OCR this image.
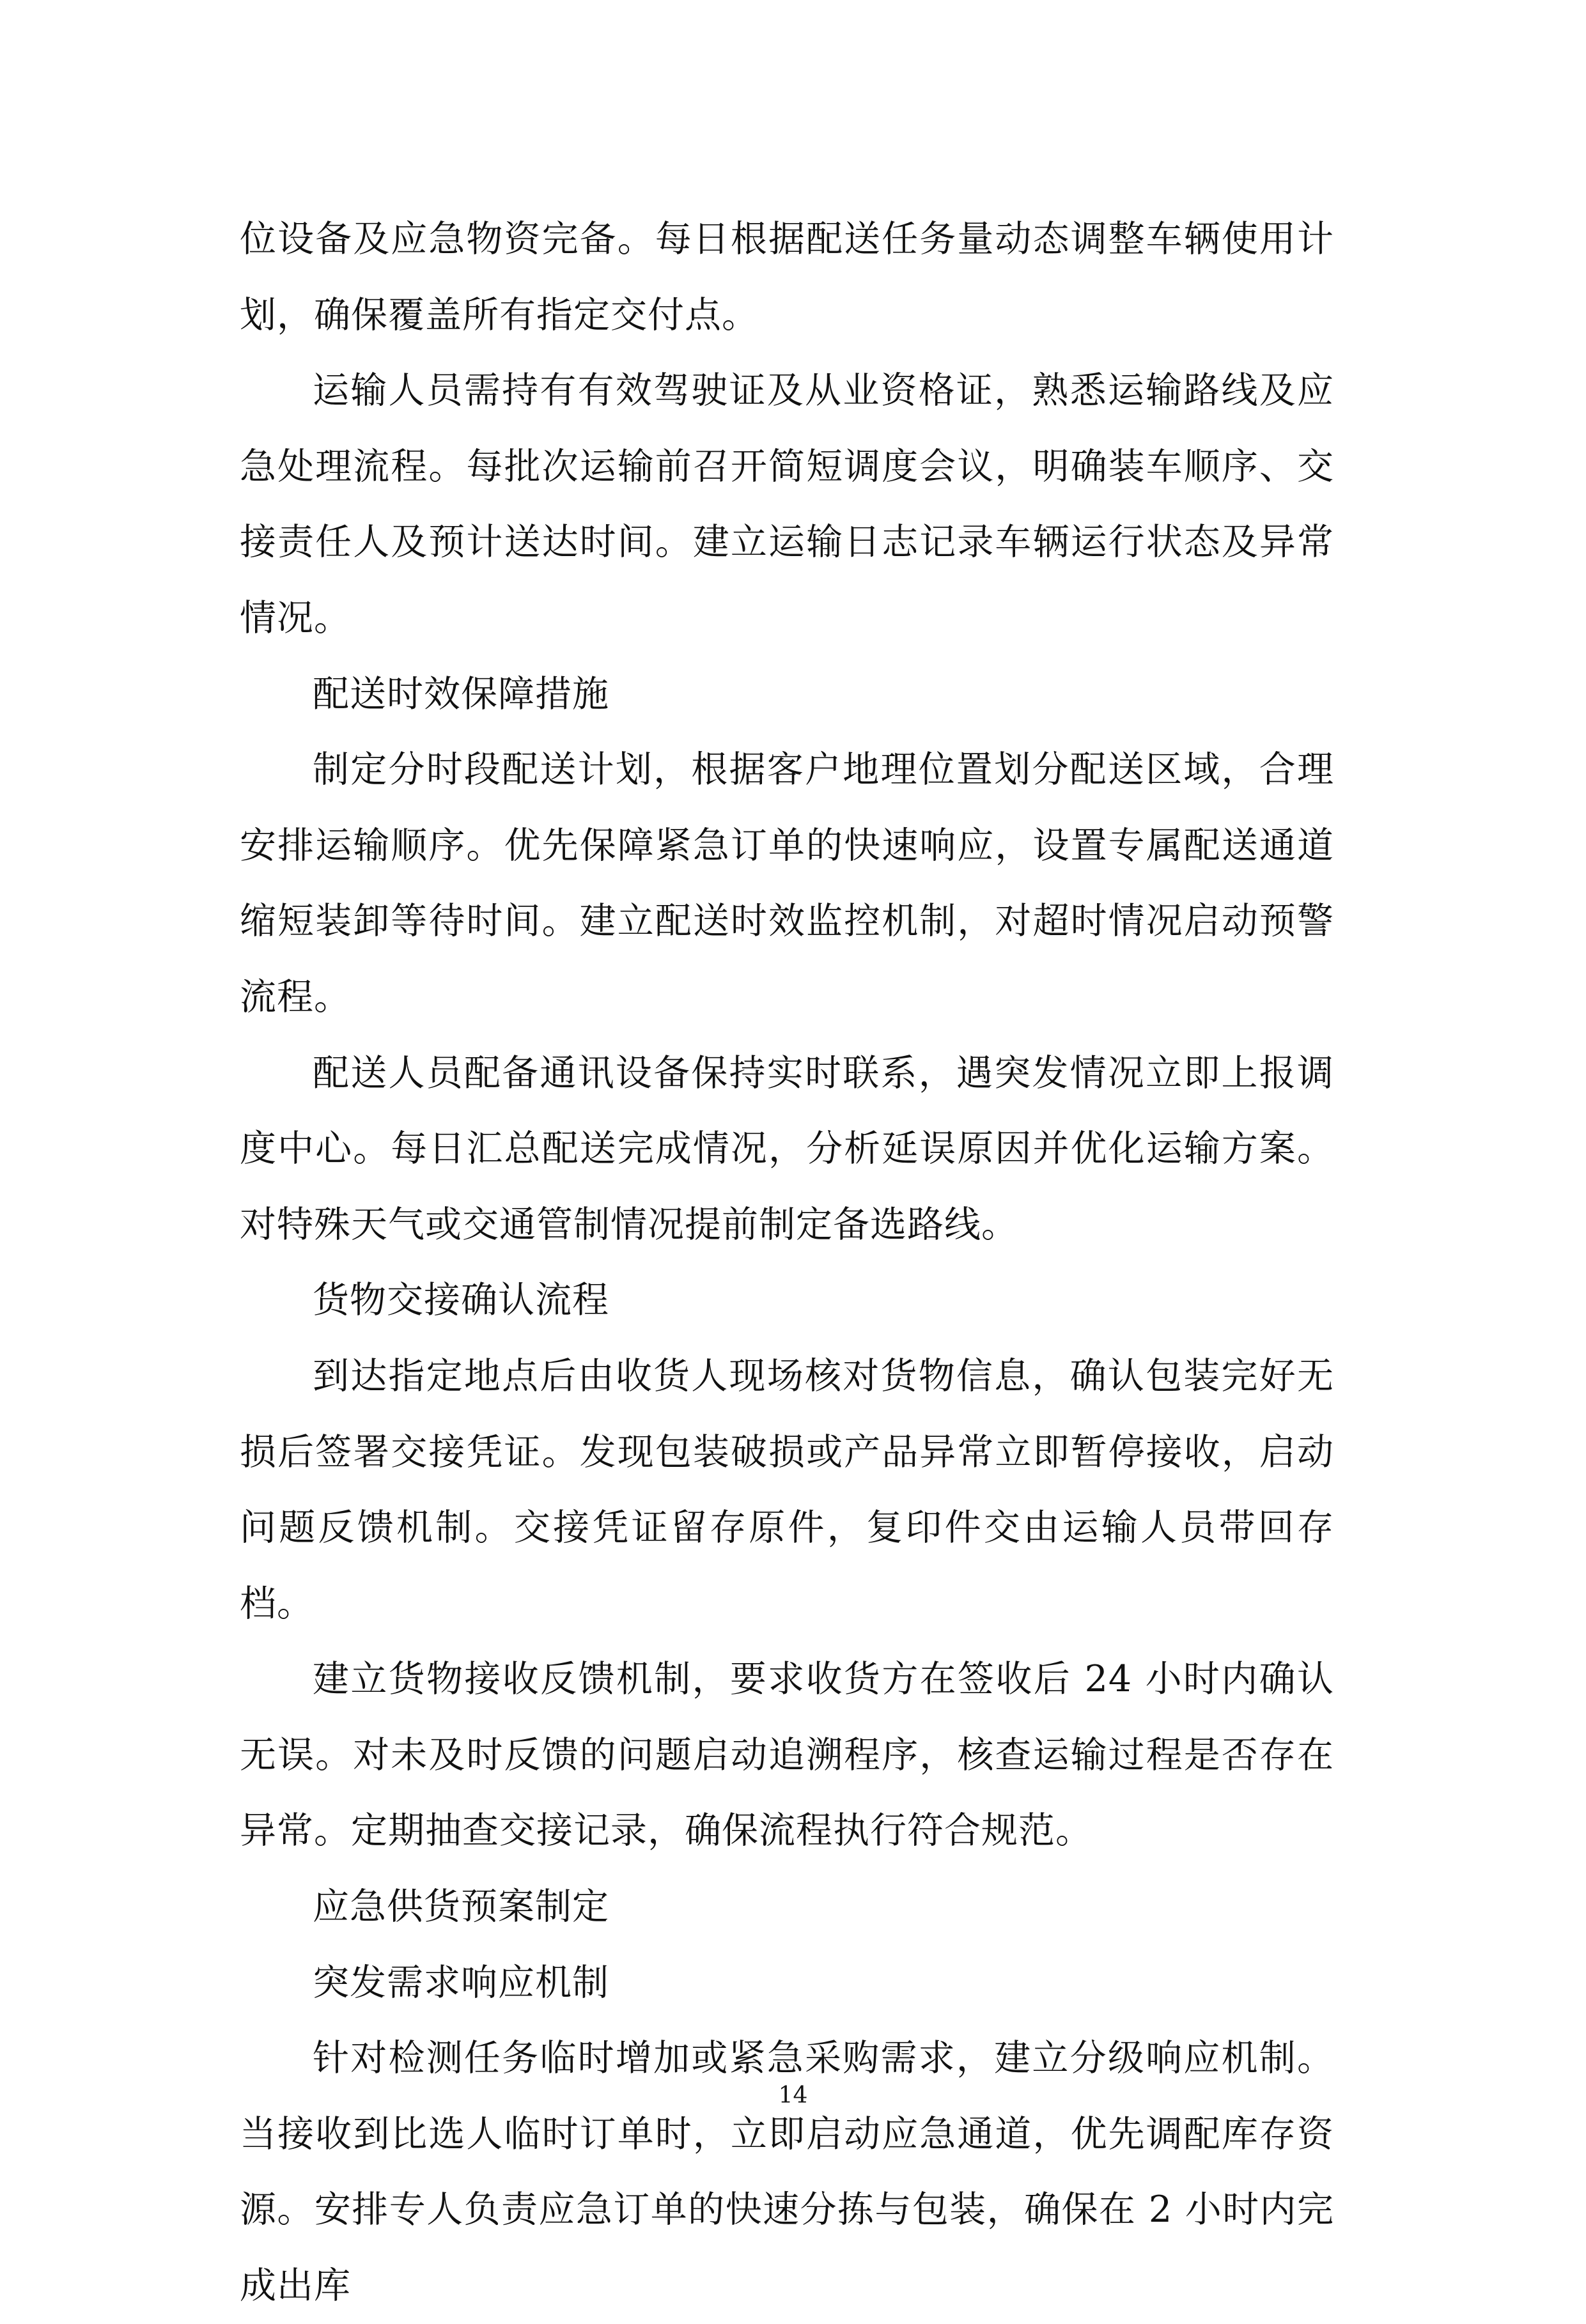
位设备及应急物资完备。每日根据配送任务量动态调整车辆使用计划，确保覆盖所有指定交付点。

运输人员需持有有效驾驶证及从业资格证，熟悉运输路线及应急处理流程。每批次运输前召开简短调度会议，明确装车顺序、交接责任人及预计送达时间。建立运输日志记录车辆运行状态及异常情况。

配送时效保障措施

制定分时段配送计划，根据客户地理位置划分配送区域，合理安排运输顺序。优先保障紧急订单的快速响应，设置专属配送通道缩短装卸等待时间。建立配送时效监控机制，对超时情况启动预警流程。

配送人员配备通讯设备保持实时联系，遇突发情况立即上报调度中心。每日汇总配送完成情况，分析延误原因并优化运输方案。对特殊天气或交通管制情况提前制定备选路线。

货物交接确认流程

到达指定地点后由收货人现场核对货物信息，确认包装完好无损后签署交接凭证。发现包装破损或产品异常立即暂停接收，启动问题反馈机制。交接凭证留存原件，复印件交由运输人员带回存档。

建立货物接收反馈机制，要求收货方在签收后 24 小时内确认无误。对未及时反馈的问题启动追溯程序，核查运输过程是否存在异常。定期抽查交接记录，确保流程执行符合规范。

应急供货预案制定

突发需求响应机制

针对检测任务临时增加或紧急采购需求，建立分级响应机制。当接收到比选人临时订单时，立即启动应急通道，优先调配库存资源。安排专人负责应急订单的快速分拣与包装，确保在 2 小时内完成出库

14
